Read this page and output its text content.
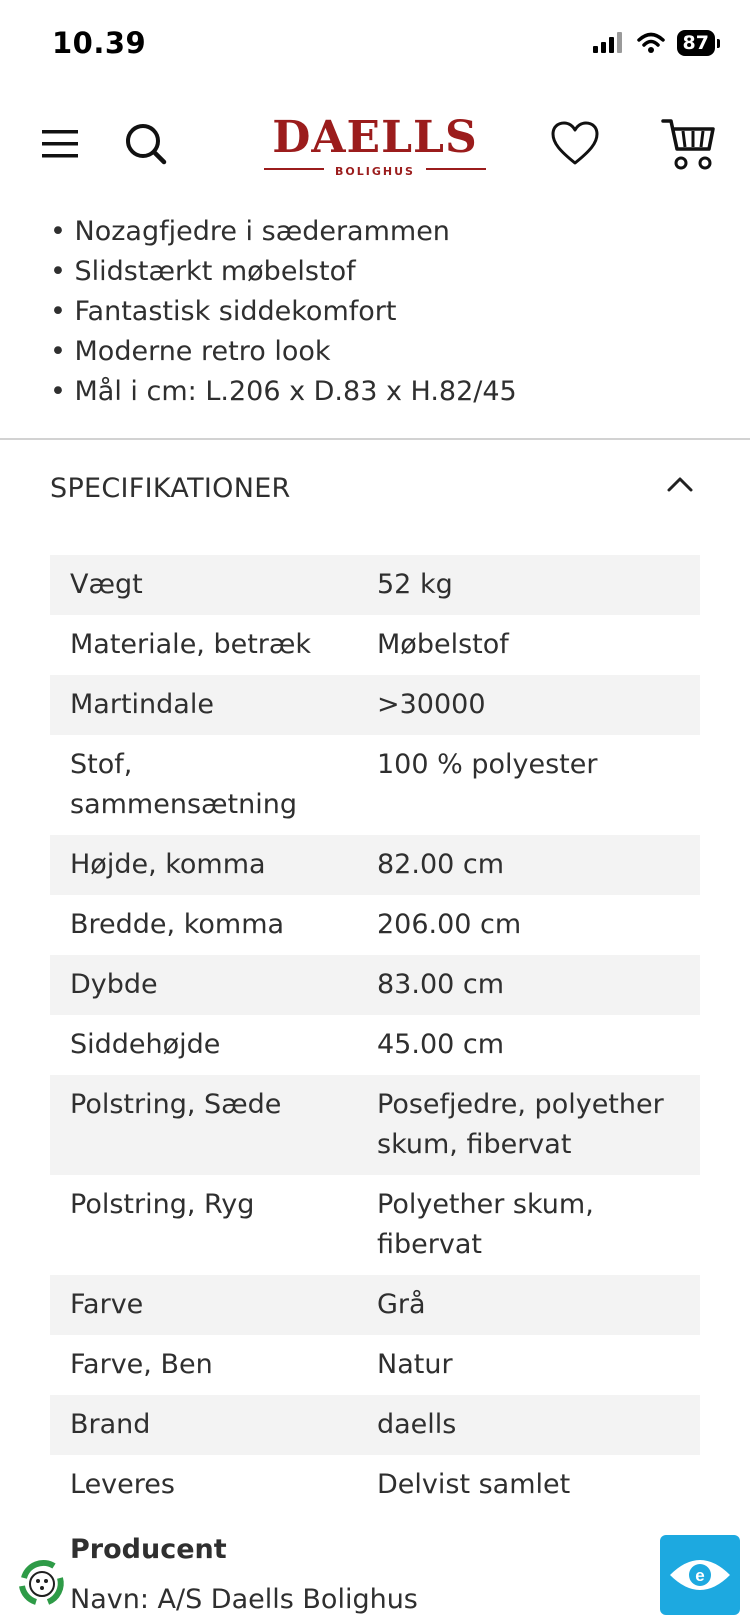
10.39	87
DAELLS
BOLIGHUS
• Nozagfjedre i sæderammen
• Slidstærkt møbelstof
• Fantastisk siddekomfort
• Moderne retro look
• Mål i cm: L.206 x D.83 x H.82/45
SPECIFIKATIONER
Vægt	52 kg
Materiale, betræk	Møbelstof
Martindale	>30000
Stof, sammensætning	100 % polyester
Højde, komma	82.00 cm
Bredde, komma	206.00 cm
Dybde	83.00 cm
Siddehøjde	45.00 cm
Polstring, Sæde	Posefjedre, polyether skum, fibervat
Polstring, Ryg	Polyether skum, fibervat
Farve	Grå
Farve, Ben	Natur
Brand	daells
Leveres	Delvist samlet
Producent
Navn: A/S Daells Bolighus
e
